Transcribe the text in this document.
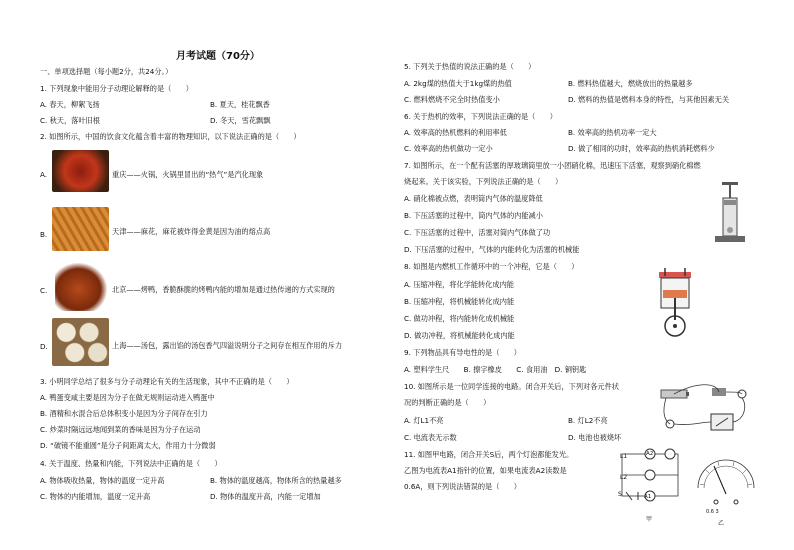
月考试题（70分）
一、单项选择题（每小题2分，共24分。）
1. 下列现象中能用分子动理论解释的是（　　）
A. 春天，柳絮飞扬	B. 夏天，桂花飘香
C. 秋天，落叶旧根	D. 冬天，雪花飘飘
2. 如图所示，中国的饮食文化蕴含着丰富的物理知识，以下说法正确的是（　　）
A.	重庆——火锅，火锅里冒出的“热气”是汽化现象
B.	天津——麻花，麻花被炸得金黄是因为油的熔点高
C.	北京——烤鸭，香脆酥脆的烤鸭内能的增加是通过热传递的方式实现的
D.	上海——汤包，露出馅的汤包香气四溢说明分子之间存在相互作用的斥力
3. 小明同学总结了很多与分子动理论有关的生活现象，其中不正确的是（　　）
A. 鸭蛋变咸主要是因为分子在做无规则运动进入鸭蛋中
B. 酒精和水混合后总体积变小是因为分子间存在引力
C. 炒菜时隔远远地闻到菜的香味是因为分子在运动
D. “破镜不能重圆”是分子间距离太大，作用力十分微弱
4. 关于温度、热量和内能，下列说法中正确的是（　　）
A. 物体吸收热量，物体的温度一定升高	B. 物体的温度越高，物体所含的热量越多
C. 物体的内能增加，温度一定升高	D. 物体的温度升高，内能一定增加
5. 下列关于热值的说法正确的是（　　）
A. 2kg煤的热值大于1kg煤的热值	B. 燃料热值越大，燃烧放出的热量越多
C. 燃料燃烧不完全时热值变小	D. 燃料的热值是燃料本身的特性，与其他因素无关
6. 关于热机的效率，下列说法正确的是（　　）
A. 效率高的热机燃料的利用率低	B. 效率高的热机功率一定大
C. 效率高的热机做功一定小	D. 做了相同的功时，效率高的热机消耗燃料少
7. 如图所示，在一个配有活塞的厚玻璃筒里放一小团硝化棉，迅速压下活塞，观察到硝化棉燃
烧起来。关于该实验，下列说法正确的是（　　）
A. 硝化棉被点燃，表明筒内气体的温度降低
B. 下压活塞的过程中，筒内气体的内能减小
C. 下压活塞的过程中，活塞对筒内气体做了功
D. 下压活塞的过程中，气体的内能转化为活塞的机械能
8. 如图是内燃机工作循环中的一个冲程，它是（　　）
A. 压缩冲程，将化学能转化成内能
B. 压缩冲程，将机械能转化成内能
C. 做功冲程，将内能转化成机械能
D. 做功冲程，将机械能转化成内能
9. 下列物品具有导电性的是（　　）
A. 塑料学生尺　　B. 擦字橡皮　　C. 食用油　D. 铜钥匙
10. 如图所示是一位同学连接的电路。闭合开关后，下列对各元件状
况的判断正确的是（　　）
A. 灯L1不亮	B. 灯L2不亮
C. 电流表无示数	D. 电池也被烧坏
11. 如图甲电路，闭合开关S后，两个灯泡都能发光。
乙图为电流表A1指针的位置，如果电流表A2读数是
0.6A，则下列说法错误的是（　　）
L1
L2
A2
A1
S
甲
0.6 3
乙
